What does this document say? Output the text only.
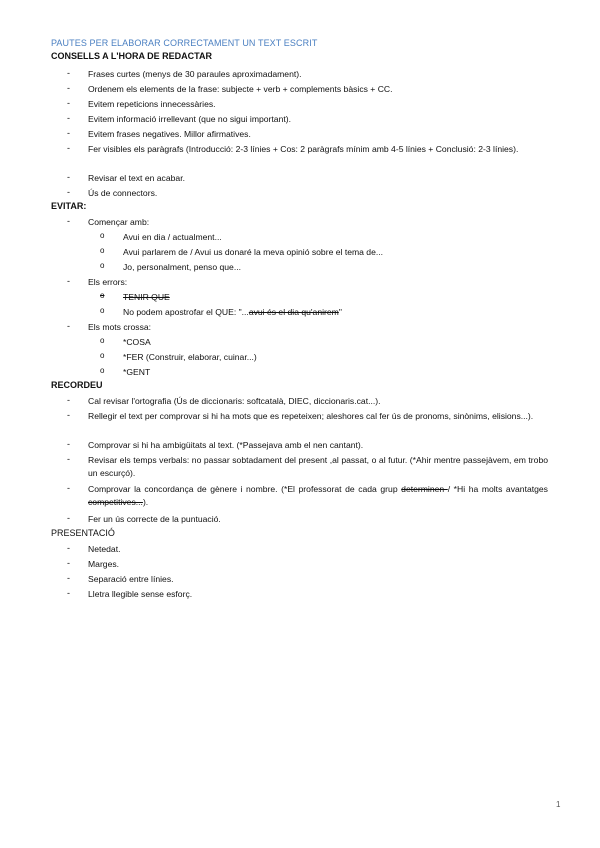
PAUTES PER ELABORAR CORRECTAMENT UN TEXT ESCRIT
CONSELLS A L'HORA DE REDACTAR
- Frases curtes (menys de 30 paraules aproximadament).
- Ordenem els elements de la frase: subjecte + verb + complements bàsics + CC.
- Evitem repeticions innecessàries.
- Evitem informació irrellevant (que no sigui important).
- Evitem frases negatives. Millor afirmatives.
- Fer visibles els paràgrafs (Introducció: 2-3 línies + Cos: 2 paràgrafs mínim amb 4-5 línies + Conclusió: 2-3 línies).
- Revisar el text en acabar.
- Ús de connectors.
EVITAR:
- Començar amb:
o Avui en dia / actualment...
o Avui parlarem de / Avui us donaré la meva opinió sobre el tema de...
o Jo, personalment, penso que...
- Els errors:
o TENIR QUE
o No podem apostrofar el QUE: "...avui és el dia qu'anirem"
- Els mots crossa:
o *COSA
o *FER (Construir, elaborar, cuinar...)
o *GENT
RECORDEU
- Cal revisar l'ortografia (Ús de diccionaris: softcatalà, DIEC, diccionaris.cat...).
- Rellegir el text per comprovar si hi ha mots que es repeteixen; aleshores cal fer ús de pronoms, sinònims, elisions...).
- Comprovar si hi ha ambigüitats al text. (*Passejava amb el nen cantant).
- Revisar els temps verbals: no passar sobtadament del present ,al passat, o al futur. (*Ahir mentre passejàvem, em trobo un escurçó).
- Comprovar la concordança de gènere i nombre. (*El professorat de cada grup determinen / *Hi ha molts avantatges competitives...).
- Fer un ús correcte de la puntuació.
PRESENTACIÓ
- Netedat.
- Marges.
- Separació entre línies.
- Lletra llegible sense esforç.
1
